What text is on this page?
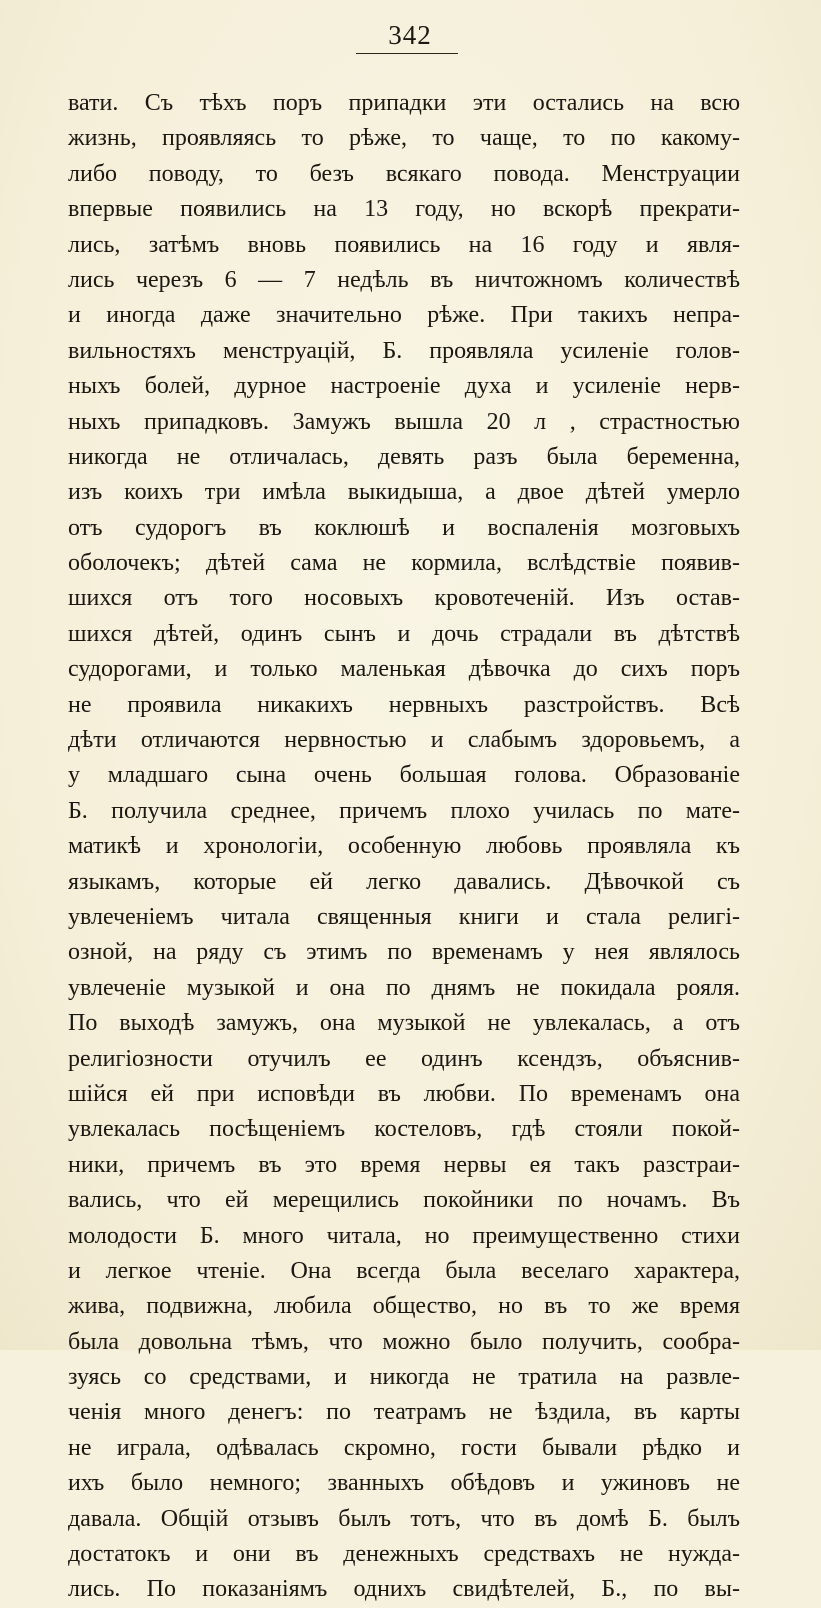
342
вати. Съ тѣхъ поръ припадки эти остались на всю
жизнь, проявляясь то рѣже, то чаще, то по какому-
либо поводу, то безъ всякаго повода. Менструации
впервые появились на 13 году, но вскорѣ прекрати-
лись, затѣмъ вновь появились на 16 году и явля-
лись черезъ 6 — 7 недѣль въ ничтожномъ количествѣ
и иногда даже значительно рѣже. При такихъ непра-
вильностяхъ менструацiй, Б. проявляла усиленiе голов-
ныхъ болей, дурное настроенiе духа и усиленiе нерв-
ныхъ припадковъ. Замужъ вышла 20 л , страстностью
никогда не отличалась, девять разъ была беременна,
изъ коихъ три имѣла выкидыша, а двое дѣтей умерло
отъ судорогъ въ коклюшѣ и воспаленiя мозговыхъ
оболочекъ; дѣтей сама не кормила, вслѣдствiе появив-
шихся отъ того носовыхъ кровотеченiй. Изъ остав-
шихся дѣтей, одинъ сынъ и дочь страдали въ дѣтствѣ
судорогами, и только маленькая дѣвочка до сихъ поръ
не проявила никакихъ нервныхъ разстройствъ. Всѣ
дѣти отличаются нервностью и слабымъ здоровьемъ, а
у младшаго сына очень большая голова. Образованiе
Б. получила среднее, причемъ плохо училась по мате-
матикѣ и хронологiи, особенную любовь проявляла къ
языкамъ, которые ей легко давались. Дѣвочкой съ
увлеченiемъ читала священныя книги и стала религi-
озной, на ряду съ этимъ по временамъ у нея являлось
увлеченiе музыкой и она по днямъ не покидала рояля.
По выходѣ замужъ, она музыкой не увлекалась, а отъ
религiозности отучилъ ее одинъ ксендзъ, объяснив-
шiйся ей при исповѣди въ любви. По временамъ она
увлекалась посѣщенiемъ костеловъ, гдѣ стояли покой-
ники, причемъ въ это время нервы ея такъ разстраи-
вались, что ей мерещились покойники по ночамъ. Въ
молодости Б. много читала, но преимущественно стихи
и легкое чтенiе. Она всегда была веселаго характера,
жива, подвижна, любила общество, но въ то же время
была довольна тѣмъ, что можно было получить, сообра-
зуясь со средствами, и никогда не тратила на развле-
ченiя много денегъ: по театрамъ не ѣздила, въ карты
не играла, одѣвалась скромно, гости бывали рѣдко и
ихъ было немного; званныхъ обѣдовъ и ужиновъ не
давала. Общiй отзывъ былъ тотъ, что въ домѣ Б. былъ
достатокъ и они въ денежныхъ средствахъ не нужда-
лись. По показанiямъ однихъ свидѣтелей, Б., по вы-
